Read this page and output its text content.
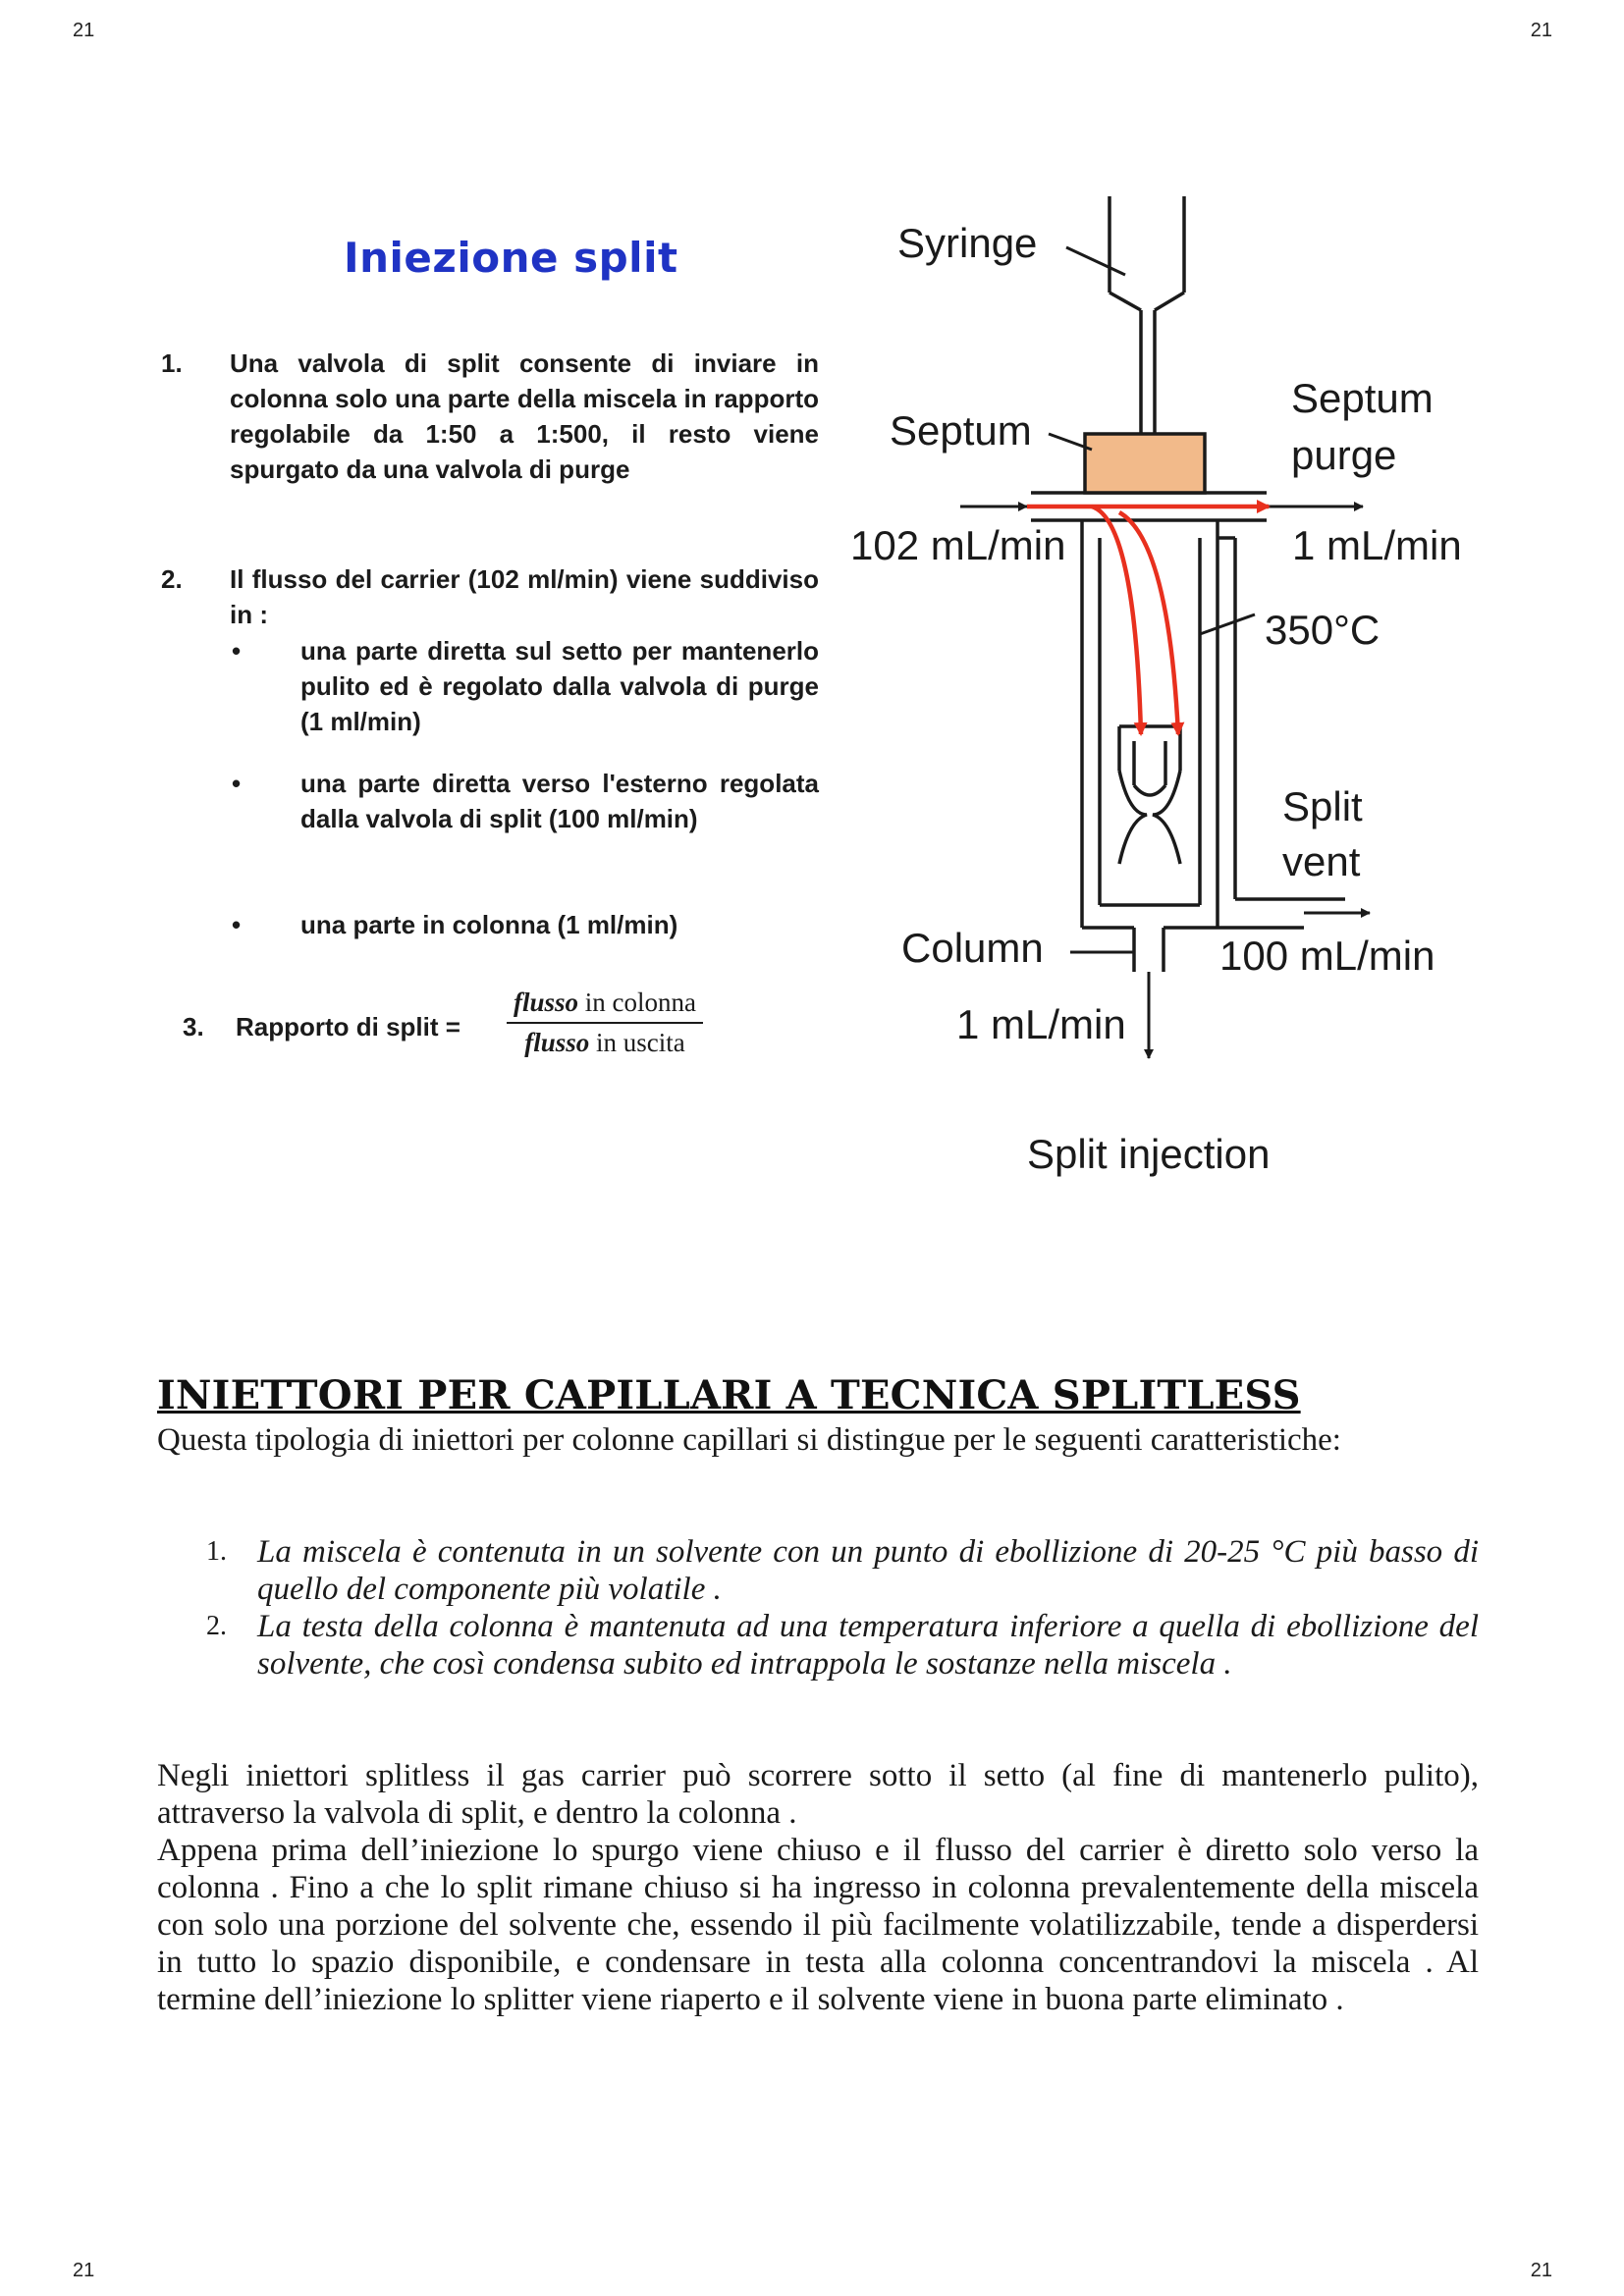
21	21
21	21
Iniezione split
1. Una valvola di split consente di inviare in colonna solo una parte della miscela in rapporto regolabile da 1:50 a 1:500, il resto viene spurgato da una valvola di purge
2. Il flusso del carrier (102 ml/min) viene suddiviso in :
• una parte diretta sul setto per mantenerlo pulito ed è regolato dalla valvola di purge (1 ml/min)
• una parte diretta verso l'esterno regolata dalla valvola di split (100 ml/min)
• una parte in colonna (1 ml/min)
3. Rapporto di split =
flusso in colonna
flusso in uscita
Syringe
Septum
Septum
purge
102 mL/min	1 mL/min
350°C
Split
vent
Column	100 mL/min
1 mL/min
Split injection
INIETTORI PER CAPILLARI A TECNICA SPLITLESS
Questa tipologia di iniettori per colonne capillari si distingue per le seguenti caratteristiche:
1. La miscela è contenuta in un solvente con un punto di ebollizione di 20-25 °C più basso di quello del componente più volatile .
2. La testa della colonna è mantenuta ad una temperatura inferiore a quella di ebollizione del solvente, che così condensa subito ed intrappola le sostanze nella miscela .
Negli iniettori splitless il gas carrier può scorrere sotto il setto (al fine di mantenerlo pulito), attraverso la valvola di split, e dentro la colonna .
Appena prima dell’iniezione lo spurgo viene chiuso e il flusso del carrier è diretto solo verso la colonna . Fino a che lo split rimane chiuso si ha ingresso in colonna prevalentemente della miscela con solo una porzione del solvente che, essendo il più facilmente volatilizzabile, tende a disperdersi in tutto lo spazio disponibile, e condensare in testa alla colonna concentrandovi la miscela . Al termine dell’iniezione lo splitter viene riaperto e il solvente viene in buona parte eliminato .
